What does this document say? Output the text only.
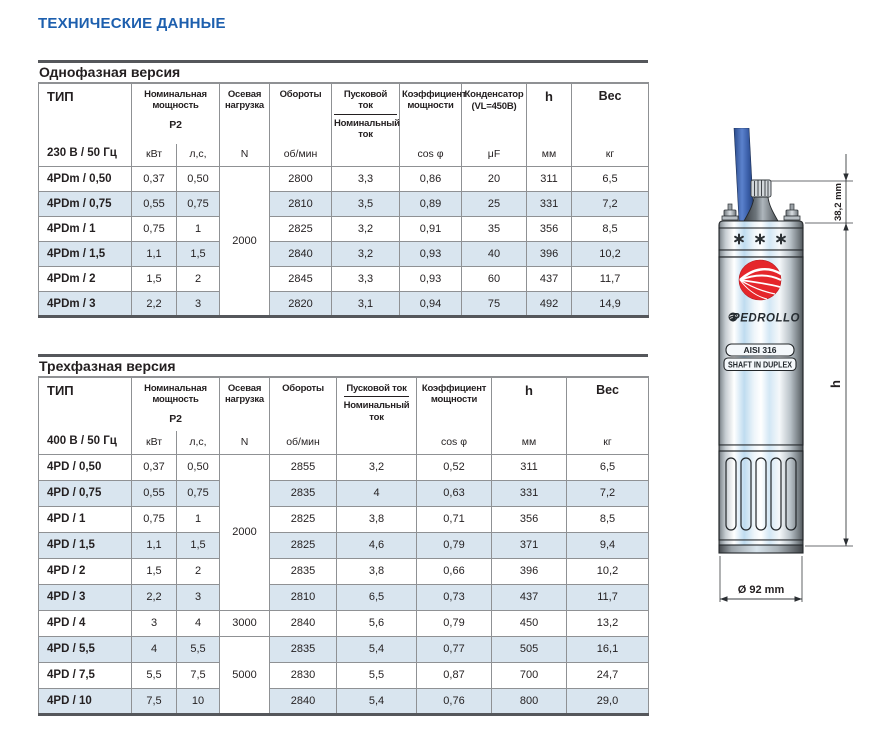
ТЕХНИЧЕСКИЕ ДАННЫЕ
Однофазная версия
ТИП	Номинальная мощность
P2
	Осевая нагрузка	Обороты	Пусковой ток
Номинальный ток	Коэффициент мощности	
Конденсатор
(VL=450В)
	h	Вес
230 В / 50 Гц	кВт	л,с,	N	об/мин		cos φ	μF	мм	кг
4PDm / 0,50	0,37	0,50	2000	2800	3,3	0,86	20	311	6,5
4PDm / 0,75	0,55	0,75		2810	3,5	0,89	25	331	7,2
4PDm / 1	0,75	1		2825	3,2	0,91	35	356	8,5
4PDm / 1,5	1,1	1,5		2840	3,2	0,93	40	396	10,2
4PDm / 2	1,5	2		2845	3,3	0,93	60	437	11,7
4PDm / 3	2,2	3		2820	3,1	0,94	75	492	14,9
Трехфазная версия
ТИП	Номинальная мощность
P2
	Осевая нагрузка	Обороты	Пусковой ток
Номинальный ток	Коэффициент мощности	h	Вес
400 В / 50 Гц	кВт	л,с,	N	об/мин		cos φ	мм	кг
4PD / 0,50	0,37	0,50	2000	2855	3,2	0,52	311	6,5
4PD / 0,75	0,55	0,75		2835	4	0,63	331	7,2
4PD / 1	0,75	1		2825	3,8	0,71	356	8,5
4PD / 1,5	1,1	1,5		2825	4,6	0,79	371	9,4
4PD / 2	1,5	2		2835	3,8	0,66	396	10,2
4PD / 3	2,2	3		2810	6,5	0,73	437	11,7
4PD / 4	3	4	3000	2840	5,6	0,79	450	13,2
4PD / 5,5	4	5,5	5000	2835	5,4	0,77	505	16,1
4PD / 7,5	5,5	7,5		2830	5,5	0,87	700	24,7
4PD / 10	7,5	10		2840	5,4	0,76	800	29,0
PEDROLLO
AISI 316
SHAFT IN DUPLEX
38,2 mm
h
Ø 92 mm
